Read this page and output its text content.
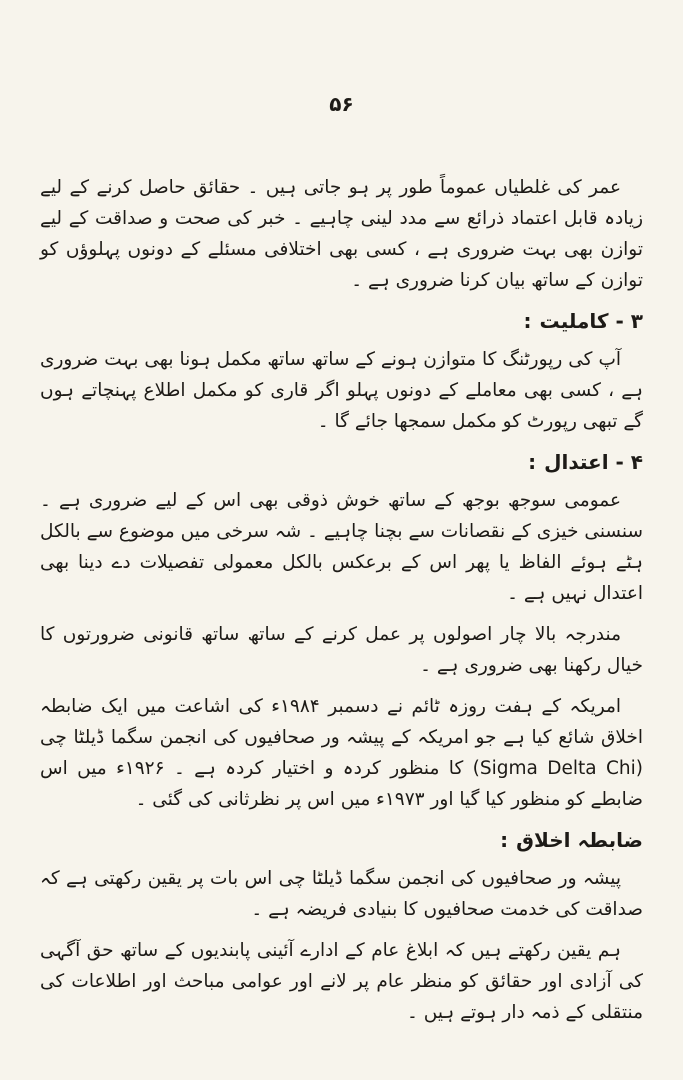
۵۶

عمر کی غلطیاں عموماً طور پر ہو جاتی ہیں ۔ حقائق حاصل کرنے کے لیے زیادہ قابل اعتماد ذرائع سے مدد لینی چاہیے ۔ خبر کی صحت و صداقت کے لیے توازن بھی بہت ضروری ہے ، کسی بھی اختلافی مسئلے کے دونوں پہلوؤں کو توازن کے ساتھ بیان کرنا ضروری ہے ۔

۳ - کاملیت:

آپ کی رپورٹنگ کا متوازن ہونے کے ساتھ ساتھ مکمل ہونا بھی بہت ضروری ہے ، کسی بھی معاملے کے دونوں پہلو اگر قاری کو مکمل اطلاع پہنچاتے ہوں گے تبھی رپورٹ کو مکمل سمجھا جائے گا ۔

۴ - اعتدال:

عمومی سوجھ بوجھ کے ساتھ خوش ذوقی بھی اس کے لیے ضروری ہے ۔ سنسنی خیزی کے نقصانات سے بچنا چاہیے ۔ شہ سرخی میں موضوع سے بالکل ہٹے ہوئے الفاظ یا پھر اس کے برعکس بالکل معمولی تفصیلات دے دینا بھی اعتدال نہیں ہے ۔

مندرجہ بالا چار اصولوں پر عمل کرنے کے ساتھ ساتھ قانونی ضرورتوں کا خیال رکھنا بھی ضروری ہے ۔

امریکہ کے ہفت روزہ ٹائم نے دسمبر ۱۹۸۴ء کی اشاعت میں ایک ضابطہ اخلاق شائع کیا ہے جو امریکہ کے پیشہ ور صحافیوں کی انجمن سگما ڈیلٹا چی (Sigma Delta Chi) کا منظور کردہ و اختیار کردہ ہے ۔ ۱۹۲۶ء میں اس ضابطے کو منظور کیا گیا اور ۱۹۷۳ء میں اس پر نظرثانی کی گئی ۔

ضابطہ اخلاق:

پیشہ ور صحافیوں کی انجمن سگما ڈیلٹا چی اس بات پر یقین رکھتی ہے کہ صداقت کی خدمت صحافیوں کا بنیادی فریضہ ہے ۔

ہم یقین رکھتے ہیں کہ ابلاغ عام کے ادارے آئینی پابندیوں کے ساتھ حق آگہی کی آزادی اور حقائق کو منظر عام پر لانے اور عوامی مباحث اور اطلاعات کی منتقلی کے ذمہ دار ہوتے ہیں ۔
